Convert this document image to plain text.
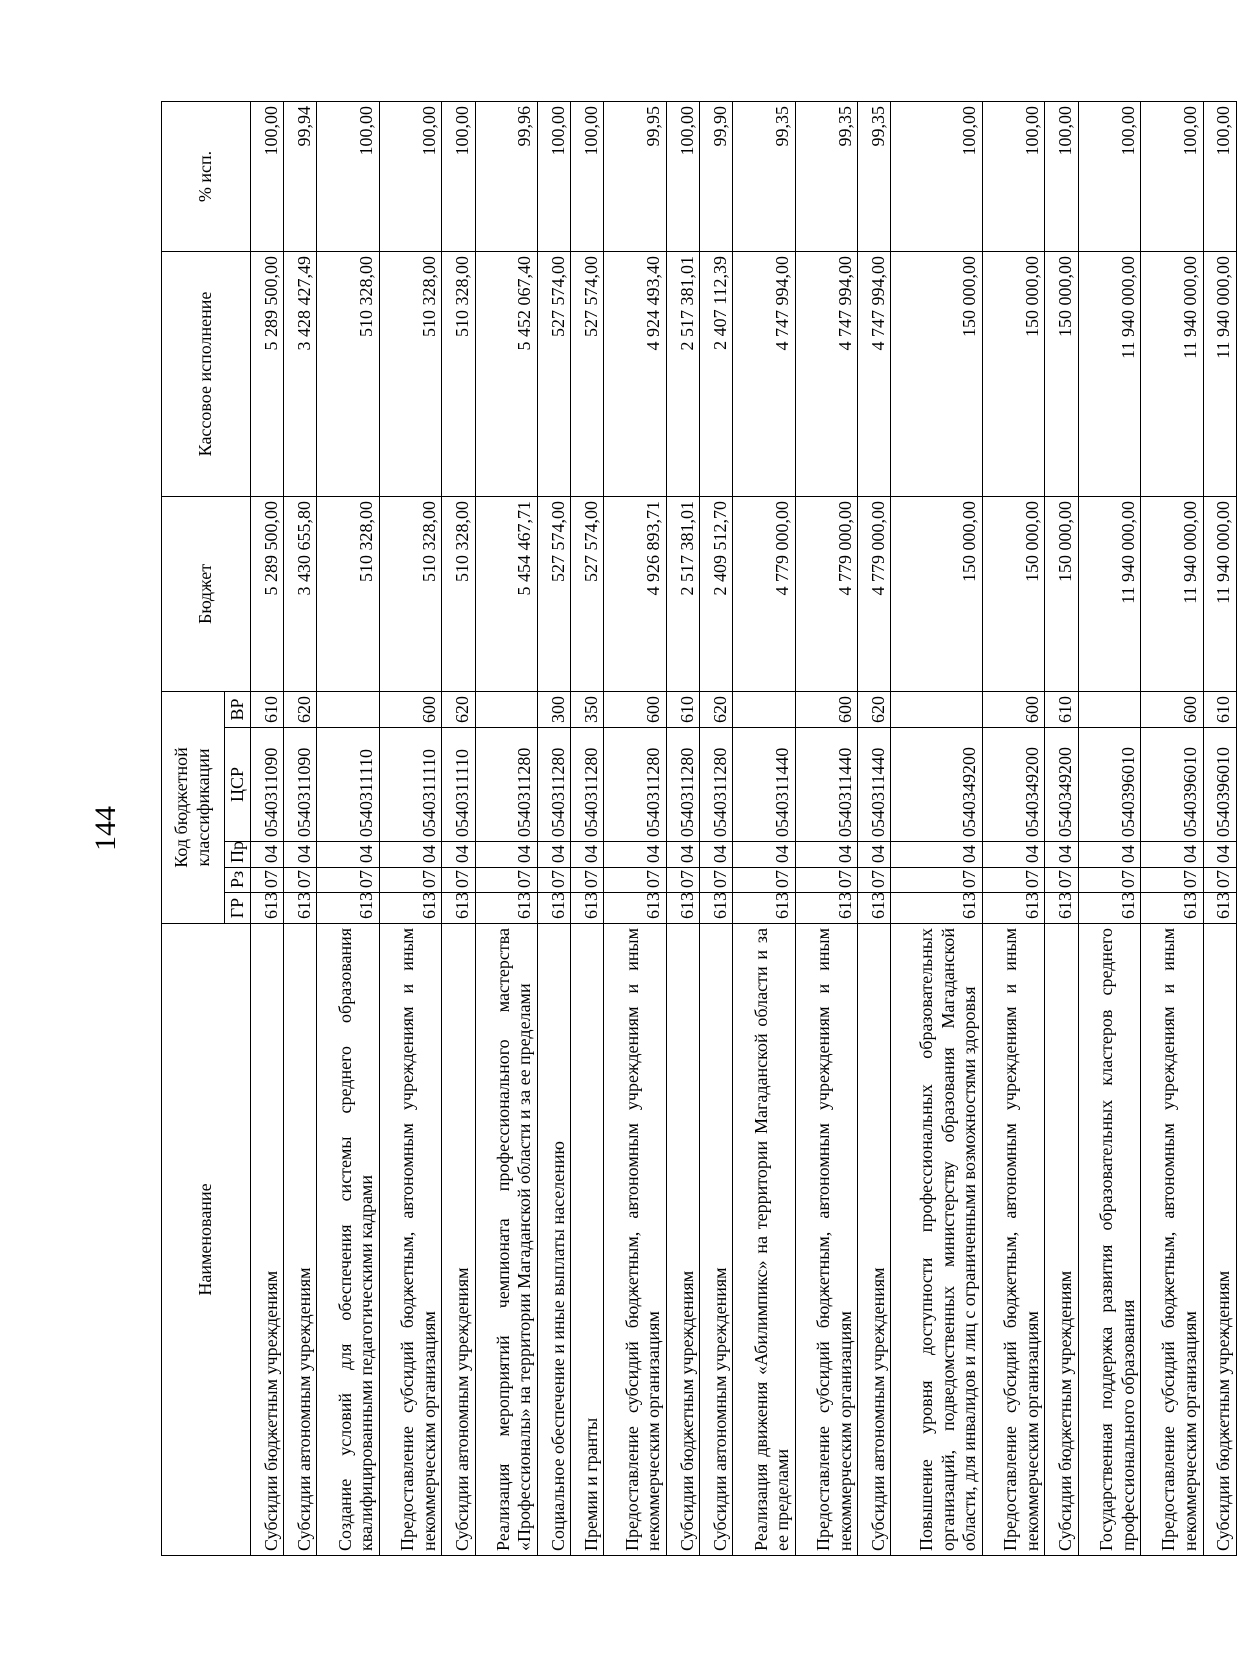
144
Наименование	Код бюджетной классификации					Бюджет	Кассовое исполнение	% исп.
	ГР	Рз	Пр	ЦСР	ВР			
Субсидии бюджетным учреждениям	613	07	04	0540311090	610	5 289 500,00	5 289 500,00	100,00
Субсидии автономным учреждениям	613	07	04	0540311090	620	3 430 655,80	3 428 427,49	99,94
Создание условий для обеспечения системы среднего образования квалифицированными педагогическими кадрами	613	07	04	0540311110		510 328,00	510 328,00	100,00
Предоставление субсидий бюджетным, автономным учреждениям и иным некоммерческим организациям	613	07	04	0540311110	600	510 328,00	510 328,00	100,00
Субсидии автономным учреждениям	613	07	04	0540311110	620	510 328,00	510 328,00	100,00
Реализация мероприятий чемпионата профессионального мастерства «Профессионалы» на территории Магаданской области и за ее пределами	613	07	04	0540311280		5 454 467,71	5 452 067,40	99,96
Социальное обеспечение и иные выплаты населению	613	07	04	0540311280	300	527 574,00	527 574,00	100,00
Премии и гранты	613	07	04	0540311280	350	527 574,00	527 574,00	100,00
Предоставление субсидий бюджетным, автономным учреждениям и иным некоммерческим организациям	613	07	04	0540311280	600	4 926 893,71	4 924 493,40	99,95
Субсидии бюджетным учреждениям	613	07	04	0540311280	610	2 517 381,01	2 517 381,01	100,00
Субсидии автономным учреждениям	613	07	04	0540311280	620	2 409 512,70	2 407 112,39	99,90
Реализация движения «Абилимпикс» на территории Магаданской области и за ее пределами	613	07	04	0540311440		4 779 000,00	4 747 994,00	99,35
Предоставление субсидий бюджетным, автономным учреждениям и иным некоммерческим организациям	613	07	04	0540311440	600	4 779 000,00	4 747 994,00	99,35
Субсидии автономным учреждениям	613	07	04	0540311440	620	4 779 000,00	4 747 994,00	99,35
Повышение уровня доступности профессиональных образовательных организаций, подведомственных министерству образования Магаданской области, для инвалидов и лиц с ограниченными возможностями здоровья	613	07	04	0540349200		150 000,00	150 000,00	100,00
Предоставление субсидий бюджетным, автономным учреждениям и иным некоммерческим организациям	613	07	04	0540349200	600	150 000,00	150 000,00	100,00
Субсидии бюджетным учреждениям	613	07	04	0540349200	610	150 000,00	150 000,00	100,00
Государственная поддержка развития образовательных кластеров среднего профессионального образования	613	07	04	0540396010		11 940 000,00	11 940 000,00	100,00
Предоставление субсидий бюджетным, автономным учреждениям и иным некоммерческим организациям	613	07	04	0540396010	600	11 940 000,00	11 940 000,00	100,00
Субсидии бюджетным учреждениям	613	07	04	0540396010	610	11 940 000,00	11 940 000,00	100,00
